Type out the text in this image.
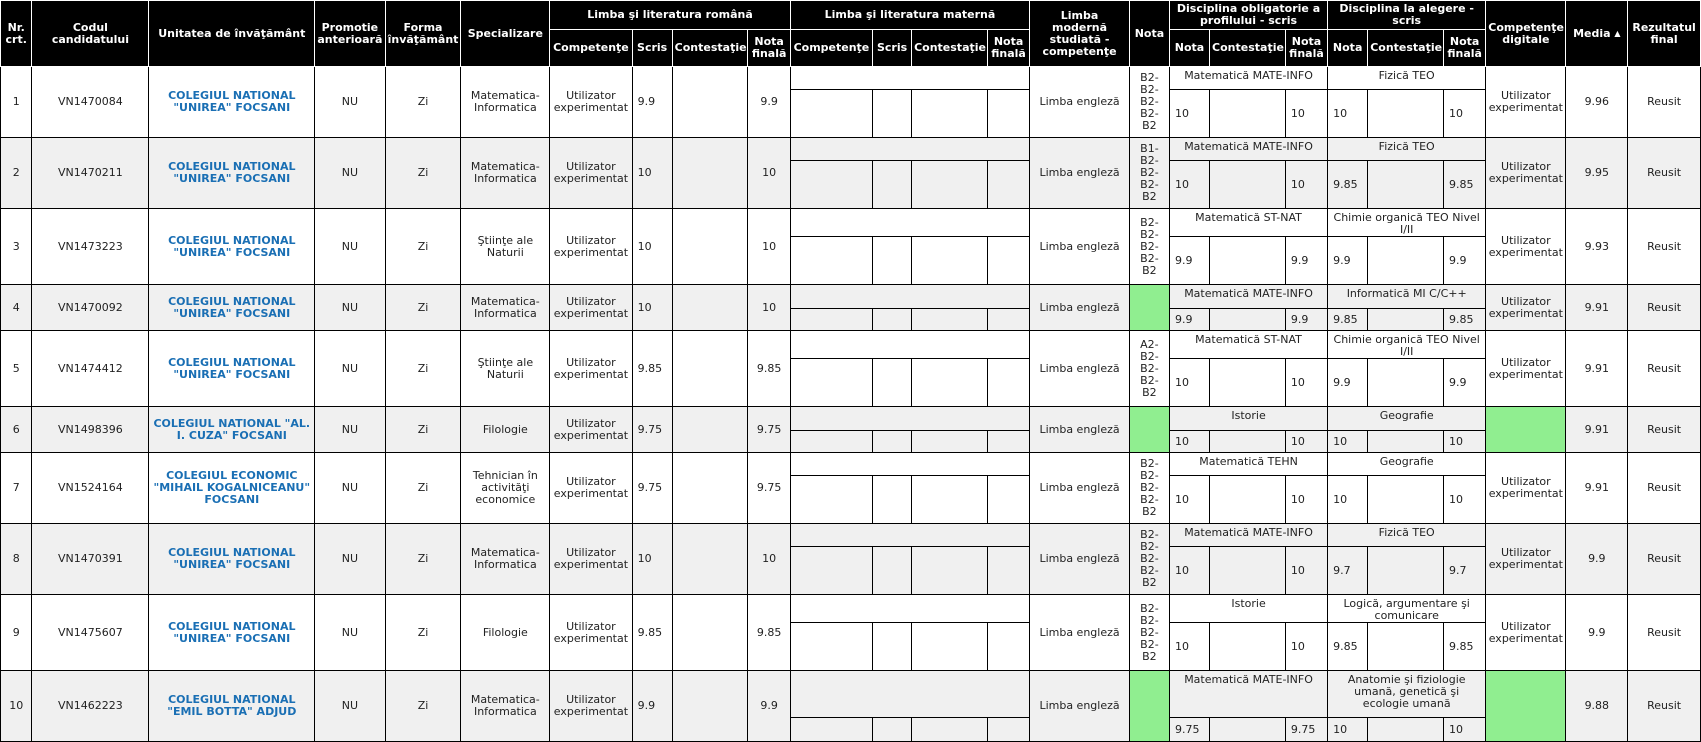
Nr. crt.	Codul candidatului	Unitatea de învăţământ	Promotie anterioară	Forma învăţământ	Specializare	Limba şi literatura română				Limba şi literatura maternă				Limba modernă studiată - competenţe	Nota	Disciplina obligatorie a profilului - scris			Disciplina la alegere - scris			Competenţe digitale	Media ▲	Rezultatul final
						Competenţe	Scris	Contestaţie	Nota finală	Competenţe	Scris	Contestaţie	Nota finală			Nota	Contestaţie	Nota finală	Nota	Contestaţie	Nota finală			
1	VN1470084	COLEGIUL NATIONAL "UNIREA" FOCSANI	NU	Zi	Matematica-Informatica	Utilizator experimentat	9.9		9.9					Limba engleză	B2-
B2-
B2-
B2-
B2	Matematică MATE-INFO			Fizică TEO			Utilizator experimentat	9.96	Reusit
																10		10	10		10			
2	VN1470211	COLEGIUL NATIONAL "UNIREA" FOCSANI	NU	Zi	Matematica-Informatica	Utilizator experimentat	10		10					Limba engleză	B1-
B2-
B2-
B2-
B2	Matematică MATE-INFO			Fizică TEO			Utilizator experimentat	9.95	Reusit
																10		10	9.85		9.85			
3	VN1473223	COLEGIUL NATIONAL "UNIREA" FOCSANI	NU	Zi	Ştiinţe ale Naturii	Utilizator experimentat	10		10					Limba engleză	B2-
B2-
B2-
B2-
B2	Matematică ST-NAT			Chimie organică TEO Nivel I/II			Utilizator experimentat	9.93	Reusit
																9.9		9.9	9.9		9.9			
4	VN1470092	COLEGIUL NATIONAL "UNIREA" FOCSANI	NU	Zi	Matematica-Informatica	Utilizator experimentat	10		10					Limba engleză		Matematică MATE-INFO			Informatică MI C/C++			Utilizator experimentat	9.91	Reusit
																9.9		9.9	9.85		9.85			
5	VN1474412	COLEGIUL NATIONAL "UNIREA" FOCSANI	NU	Zi	Ştiinţe ale Naturii	Utilizator experimentat	9.85		9.85					Limba engleză	A2-
B2-
B2-
B2-
B2	Matematică ST-NAT			Chimie organică TEO Nivel I/II			Utilizator experimentat	9.91	Reusit
																10		10	9.9		9.9			
6	VN1498396	COLEGIUL NATIONAL "AL. I. CUZA" FOCSANI	NU	Zi	Filologie	Utilizator experimentat	9.75		9.75					Limba engleză		Istorie			Geografie				9.91	Reusit
																10		10	10		10			
7	VN1524164	COLEGIUL ECONOMIC "MIHAIL KOGALNICEANU" FOCSANI	NU	Zi	Tehnician în activităţi economice	Utilizator experimentat	9.75		9.75					Limba engleză	B2-
B2-
B2-
B2-
B2	Matematică TEHN			Geografie			Utilizator experimentat	9.91	Reusit
																10		10	10		10			
8	VN1470391	COLEGIUL NATIONAL "UNIREA" FOCSANI	NU	Zi	Matematica-Informatica	Utilizator experimentat	10		10					Limba engleză	B2-
B2-
B2-
B2-
B2	Matematică MATE-INFO			Fizică TEO			Utilizator experimentat	9.9	Reusit
																10		10	9.7		9.7			
9	VN1475607	COLEGIUL NATIONAL "UNIREA" FOCSANI	NU	Zi	Filologie	Utilizator experimentat	9.85		9.85					Limba engleză	B2-
B2-
B2-
B2-
B2	Istorie			Logică, argumentare şi comunicare			Utilizator experimentat	9.9	Reusit
																10		10	9.85		9.85			
10	VN1462223	COLEGIUL NATIONAL "EMIL BOTTA" ADJUD	NU	Zi	Matematica-Informatica	Utilizator experimentat	9.9		9.9					Limba engleză		Matematică MATE-INFO			Anatomie şi fiziologie umană, genetică şi ecologie umană				9.88	Reusit
																9.75		9.75	10		10			
